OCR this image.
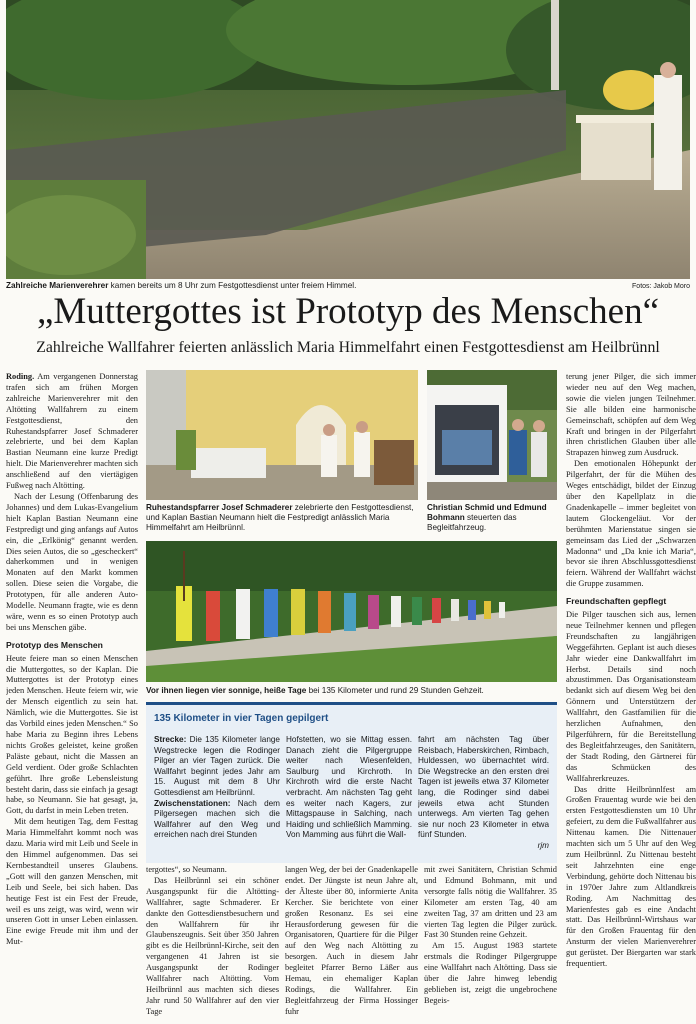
Zahlreiche Marienverehrer kamen bereits um 8 Uhr zum Festgottesdienst unter freiem Himmel.	Fotos: Jakob Moro
„Muttergottes ist Prototyp des Menschen“
Zahlreiche Wallfahrer feierten anlässlich Maria Himmelfahrt einen Festgottesdienst am Heilbrünnl

Roding. Am vergangenen Donnerstag trafen sich am frühen Morgen zahlreiche Marienverehrer mit den Altötting Wallfahrern zu einem Festgottesdienst, den Ruhestandspfarrer Josef Schmaderer zelebrierte, und bei dem Kaplan Bastian Neumann eine kurze Predigt hielt. Die Marienverehrer machten sich anschließend auf den viertägigen Fußweg nach Altötting.

Nach der Lesung (Offenbarung des Johannes) und dem Lukas-Evangelium hielt Kaplan Bastian Neumann eine Festpredigt und ging anfangs auf Autos ein, die „Erlkönig“ genannt werden. Dies seien Autos, die so „gescheckert“ daherkommen und in wenigen Monaten auf den Markt kommen sollen. Diese seien die Vorgabe, die Prototypen, für alle anderen Auto-Modelle. Neumann fragte, wie es denn wäre, wenn es so einen Prototyp auch bei uns Menschen gäbe.

Prototyp des Menschen

Heute feiere man so einen Menschen die Muttergottes, so der Kaplan. Die Muttergottes ist der Prototyp eines jeden Menschen. Heute feiern wir, wie der Mensch eigentlich zu sein hat. Nämlich, wie die Muttergottes. Sie ist das Vorbild eines jeden Menschen.“ So habe Maria zu Beginn ihres Lebens nichts Großes geleistet, keine großen Paläste gebaut, nicht die Massen an Geld verdient. Oder große Schlachten geführt. Ihre große Lebensleistung besteht darin, dass sie einfach ja gesagt habe, so Neumann. Sie hat gesagt, ja, Gott, du darfst in mein Leben treten.

Mit dem heutigen Tag, dem Festtag Maria Himmelfahrt kommt noch was dazu. Maria wird mit Leib und Seele in den Himmel aufgenommen. Das sei Kernbestandteil unseres Glaubens. „Gott will den ganzen Menschen, mit Leib und Seele, bei sich haben. Das heutige Fest ist ein Fest der Freude, weil es uns zeigt, was wird, wenn wir unseren Gott in unser Leben einlassen. Eine ewige Freude mit ihm und der Mut-

Ruhestandspfarrer Josef Schmaderer zelebrierte den Festgottesdienst, und Kaplan Bastian Neumann hielt die Festpredigt anlässlich Maria Himmelfahrt am Heilbrünnl.
Christian Schmid und Edmund Bohmann steuerten das Begleitfahrzeug.
Vor ihnen liegen vier sonnige, heiße Tage bei 135 Kilometer und rund 29 Stunden Gehzeit.
135 Kilometer in vier Tagen gepilgert
Strecke: Die 135 Kilometer lange Wegstrecke legen die Rodinger Pilger an vier Tagen zurück. Die Wallfahrt beginnt jedes Jahr am 15. August mit dem 8 Uhr Gottesdienst am Heilbrünnl.
Zwischenstationen: Nach dem Pilgersegen machen sich die Wallfahrer auf den Weg und erreichen nach drei Stunden
Hofstetten, wo sie Mittag essen. Danach zieht die Pilgergruppe weiter nach Wiesenfelden, Saulburg und Kirchroth. In Kirchroth wird die erste Nacht verbracht. Am nächsten Tag geht es weiter nach Kagers, zur Mittagspause in Salching, nach Haiding und schließlich Mamming. Von Mamming aus führt die Wall-
fahrt am nächsten Tag über Reisbach, Haberskirchen, Rimbach, Huldessen, wo übernachtet wird. Die Wegstrecke an den ersten drei Tagen ist jeweils etwa 37 Kilometer lang, die Rodinger sind dabei jeweils etwa acht Stunden unterwegs. Am vierten Tag gehen sie nur noch 23 Kilometer in etwa fünf Stunden.
rjm

tergottes“, so Neumann.

Das Heilbrünnl sei ein schöner Ausgangspunkt für die Altötting-Wallfahrer, sagte Schmaderer. Er dankte den Gottesdienstbesuchern und den Wallfahrern für ihr Glaubenszeugnis. Seit über 350 Jahren gibt es die Heilbrünnl-Kirche, seit den vergangenen 41 Jahren ist sie Ausgangspunkt der Rodinger Wallfahrer nach Altötting. Vom Heilbrünnl aus machten sich dieses Jahr rund 50 Wallfahrer auf den vier Tage

langen Weg, der bei der Gnadenkapelle endet. Der Jüngste ist neun Jahre alt, der Älteste über 80, informierte Anita Kercher. Sie berichtete von einer großen Resonanz. Es sei eine Herausforderung gewesen für die Organisatoren, Quartiere für die Pilger auf den Weg nach Altötting zu besorgen. Auch in diesem Jahr begleitet Pfarrer Berno Läßer aus Hemau, ein ehemaliger Kaplan Rodings, die Wallfahrer. Ein Begleitfahrzeug der Firma Hossinger fuhr

mit zwei Sanitätern, Christian Schmid und Edmund Bohmann, mit und versorgte falls nötig die Wallfahrer. 35 Kilometer am ersten Tag, 40 am zweiten Tag, 37 am dritten und 23 am vierten Tag legten die Pilger zurück. Fast 30 Stunden reine Gehzeit.

Am 15. August 1983 startete erstmals die Rodinger Pilgergruppe eine Wallfahrt nach Altötting. Dass sie über die Jahre hinweg lebendig geblieben ist, zeigt die ungebrochene Begeis-

terung jener Pilger, die sich immer wieder neu auf den Weg machen, sowie die vielen jungen Teilnehmer. Sie alle bilden eine harmonische Gemeinschaft, schöpfen auf dem Weg Kraft und bringen in der Pilgerfahrt ihren christlichen Glauben über alle Strapazen hinweg zum Ausdruck.

Den emotionalen Höhepunkt der Pilgerfahrt, der für die Mühen des Weges entschädigt, bildet der Einzug über den Kapellplatz in die Gnadenkapelle – immer begleitet von lautem Glockengeläut. Vor der berühmten Marienstatue singen sie gemeinsam das Lied der „Schwarzen Madonna“ und „Da knie ich Maria“, bevor sie ihren Abschlussgottesdienst feiern. Während der Wallfahrt wächst die Gruppe zusammen.

Freundschaften gepflegt

Die Pilger tauschen sich aus, lernen neue Teilnehmer kennen und pflegen Freundschaften zu langjährigen Weggefährten. Geplant ist auch dieses Jahr wieder eine Dankwallfahrt im Herbst. Details sind noch abzustimmen. Das Organisationsteam bedankt sich auf diesem Weg bei den Gönnern und Unterstützern der Wallfahrt, den Gastfamilien für die herzlichen Aufnahmen, den Pilgerführern, für die Bereitstellung des Begleitfahrzeuges, den Sanitätern, der Stadt Roding, den Gärtnerei für das Schmücken des Wallfahrerkreuzes.

Das dritte Heilbrünnlfest am Großen Frauentag wurde wie bei den ersten Festgottesdiensten um 10 Uhr gefeiert, zu dem die Fußwallfahrer aus Nittenau kamen. Die Nittenauer machten sich um 5 Uhr auf den Weg zum Heilbrünnl. Zu Nittenau besteht seit Jahrzehnten eine enge Verbindung, gehörte doch Nittenau bis in 1970er Jahre zum Altlandkreis Roding. Am Nachmittag des Marienfestes gab es eine Andacht statt. Das Heilbrünnl-Wirtshaus war für den Großen Frauentag für den Ansturm der vielen Marienverehrer gut gerüstet. Der Biergarten war stark frequentiert.
